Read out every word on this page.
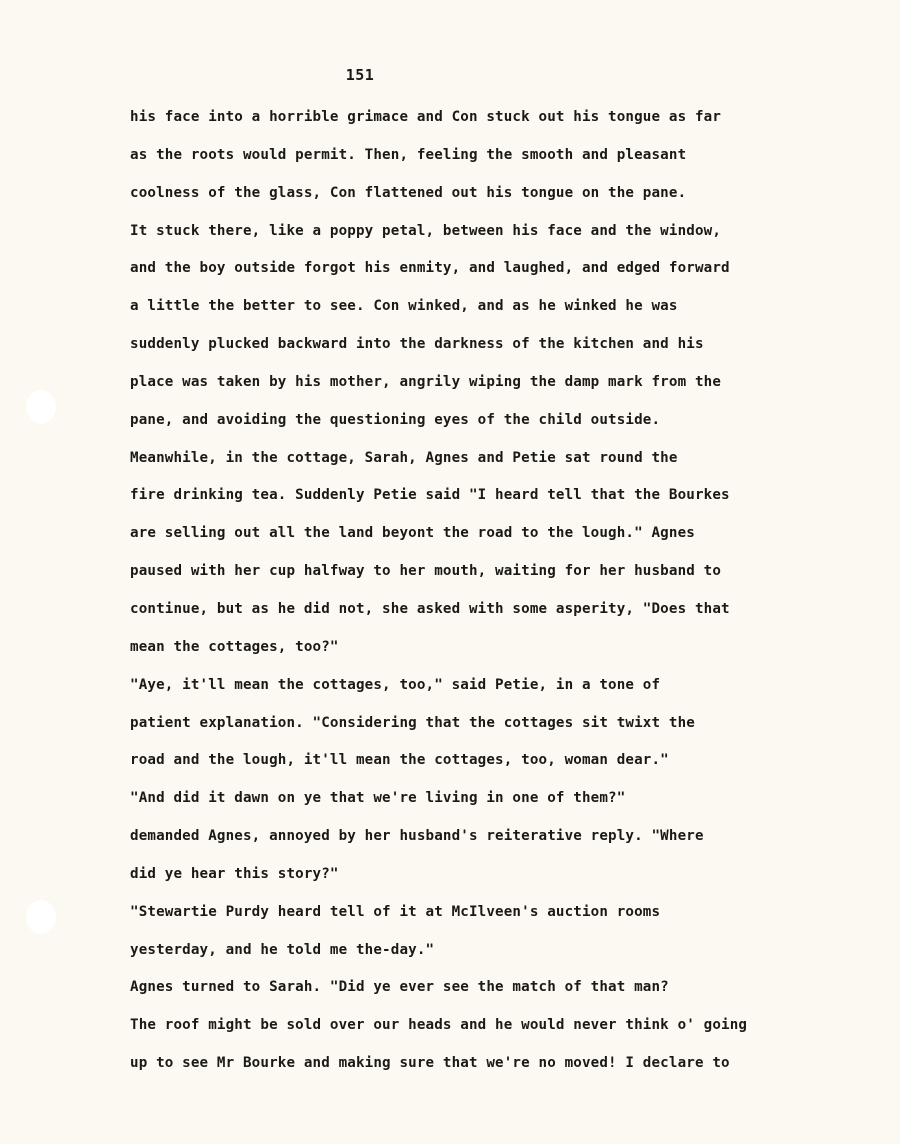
151
his face into a horrible grimace and Con stuck out his tongue as far
as the roots would permit. Then, feeling the smooth and pleasant
coolness of the glass, Con flattened out his tongue on the pane.
It stuck there, like a poppy petal, between his face and the window,
and the boy outside forgot his enmity, and laughed, and edged forward
a little the better to see. Con winked, and as he winked he was
suddenly plucked backward into the darkness of the kitchen and his
place was taken by his mother, angrily wiping the damp mark from the
pane, and avoiding the questioning eyes of the child outside.
Meanwhile, in the cottage, Sarah, Agnes and Petie sat round the
fire drinking tea. Suddenly Petie said "I heard tell that the Bourkes
are selling out all the land beyont the road to the lough." Agnes
paused with her cup halfway to her mouth, waiting for her husband to
continue, but as he did not, she asked with some asperity, "Does that
mean the cottages, too?"
"Aye, it'll mean the cottages, too," said Petie, in a tone of
patient explanation. "Considering that the cottages sit twixt the
road and the lough, it'll mean the cottages, too, woman dear."
"And did it dawn on ye that we're living in one of them?"
demanded Agnes, annoyed by her husband's reiterative reply. "Where
did ye hear this story?"
"Stewartie Purdy heard tell of it at McIlveen's auction rooms
yesterday, and he told me the-day."
Agnes turned to Sarah. "Did ye ever see the match of that man?
The roof might be sold over our heads and he would never think o' going
up to see Mr Bourke and making sure that we're no moved! I declare to
